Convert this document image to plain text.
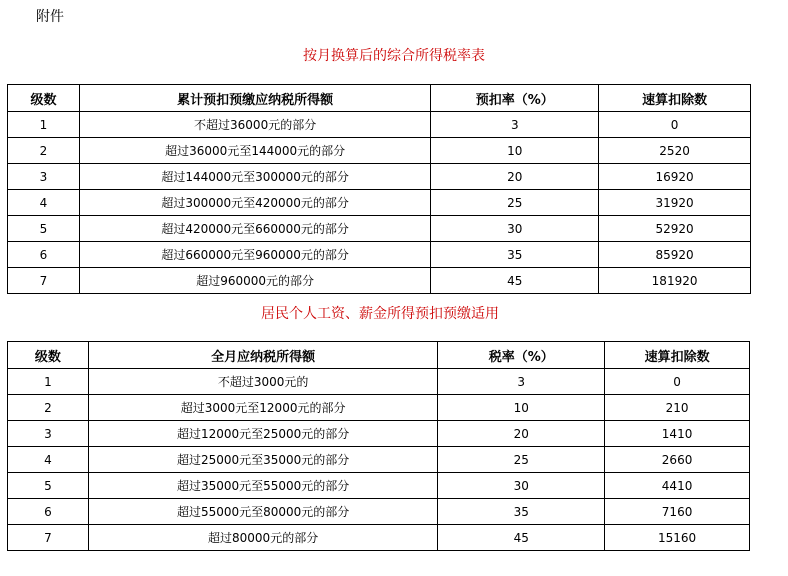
附件
按月换算后的综合所得税率表
级数	累计预扣预缴应纳税所得额	预扣率（%）	速算扣除数
1	不超过36000元的部分	3	0
2	超过36000元至144000元的部分	10	2520
3	超过144000元至300000元的部分	20	16920
4	超过300000元至420000元的部分	25	31920
5	超过420000元至660000元的部分	30	52920
6	超过660000元至960000元的部分	35	85920
7	超过960000元的部分	45	181920
居民个人工资、薪金所得预扣预缴适用
级数	全月应纳税所得额	税率（%）	速算扣除数
1	不超过3000元的	3	0
2	超过3000元至12000元的部分	10	210
3	超过12000元至25000元的部分	20	1410
4	超过25000元至35000元的部分	25	2660
5	超过35000元至55000元的部分	30	4410
6	超过55000元至80000元的部分	35	7160
7	超过80000元的部分	45	15160
